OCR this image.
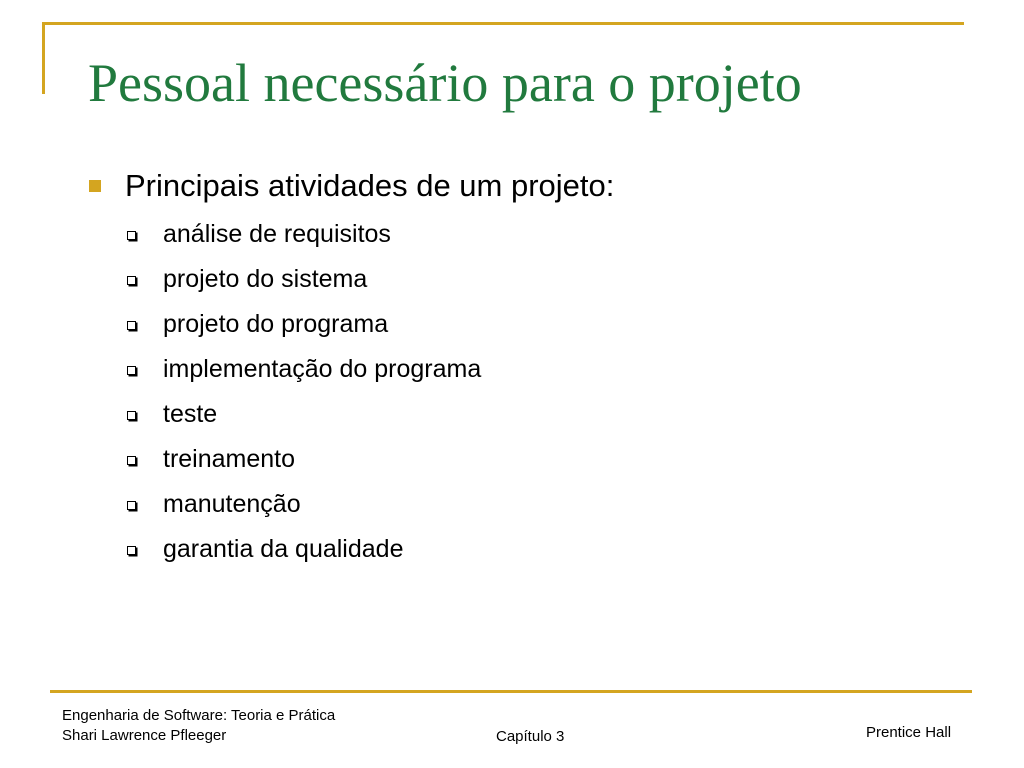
Pessoal necessário para o projeto
Principais atividades de um projeto:
análise de requisitos
projeto do sistema
projeto do programa
implementação do programa
teste
treinamento
manutenção
garantia da qualidade
Engenharia de Software: Teoria e Prática
Shari Lawrence Pfleeger	Capítulo 3	Prentice Hall
